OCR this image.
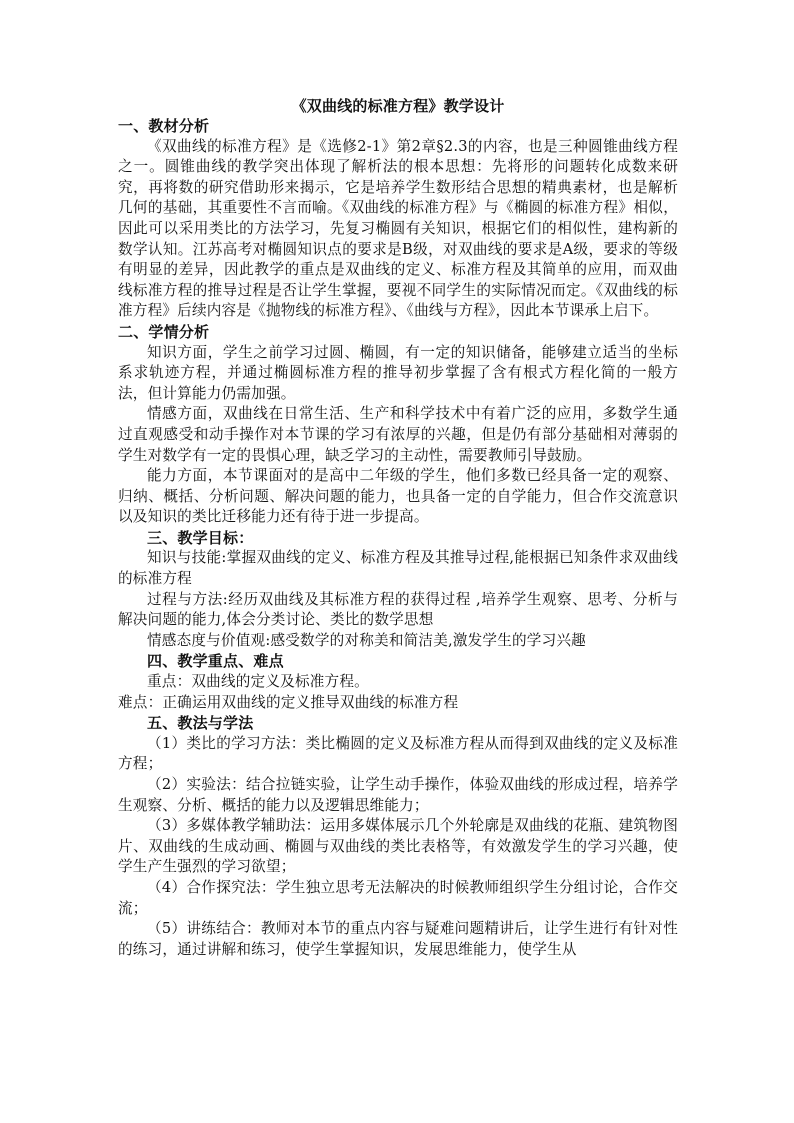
《双曲线的标准方程》教学设计
一、教材分析

《双曲线的标准方程》是《选修2-1》第2章§2.3的内容，也是三种圆锥曲线方程之一。圆锥曲线的教学突出体现了解析法的根本思想：先将形的问题转化成数来研究，再将数的研究借助形来揭示，它是培养学生数形结合思想的精典素材，也是解析几何的基础，其重要性不言而喻。《双曲线的标准方程》与《椭圆的标准方程》相似，因此可以采用类比的方法学习，先复习椭圆有关知识，根据它们的相似性，建构新的数学认知。江苏高考对椭圆知识点的要求是B级，对双曲线的要求是A级，要求的等级有明显的差异，因此教学的重点是双曲线的定义、标准方程及其简单的应用，而双曲线标准方程的推导过程是否让学生掌握，要视不同学生的实际情况而定。《双曲线的标准方程》后续内容是《抛物线的标准方程》、《曲线与方程》，因此本节课承上启下。

二、学情分析

知识方面，学生之前学习过圆、椭圆，有一定的知识储备，能够建立适当的坐标系求轨迹方程，并通过椭圆标准方程的推导初步掌握了含有根式方程化简的一般方法，但计算能力仍需加强。

情感方面，双曲线在日常生活、生产和科学技术中有着广泛的应用，多数学生通过直观感受和动手操作对本节课的学习有浓厚的兴趣，但是仍有部分基础相对薄弱的学生对数学有一定的畏惧心理，缺乏学习的主动性，需要教师引导鼓励。

能力方面，本节课面对的是高中二年级的学生，他们多数已经具备一定的观察、归纳、概括、分析问题、解决问题的能力，也具备一定的自学能力，但合作交流意识以及知识的类比迁移能力还有待于进一步提高。

三、教学目标：

知识与技能:掌握双曲线的定义、标准方程及其推导过程,能根据已知条件求双曲线的标准方程

过程与方法:经历双曲线及其标准方程的获得过程 ,培养学生观察、思考、分析与解决问题的能力,体会分类讨论、类比的数学思想

情感态度与价值观:感受数学的对称美和简洁美,激发学生的学习兴趣

四、教学重点、难点

重点：双曲线的定义及标准方程。

难点：正确运用双曲线的定义推导双曲线的标准方程

五、教法与学法

（1）类比的学习方法：类比椭圆的定义及标准方程从而得到双曲线的定义及标准方程；

（2）实验法：结合拉链实验，让学生动手操作，体验双曲线的形成过程，培养学生观察、分析、概括的能力以及逻辑思维能力；

（3）多媒体教学辅助法：运用多媒体展示几个外轮廓是双曲线的花瓶、建筑物图片、双曲线的生成动画、椭圆与双曲线的类比表格等，有效激发学生的学习兴趣，使学生产生强烈的学习欲望；

（4）合作探究法：学生独立思考无法解决的时候教师组织学生分组讨论，合作交流；

（5）讲练结合：教师对本节的重点内容与疑难问题精讲后，让学生进行有针对性的练习，通过讲解和练习，使学生掌握知识，发展思维能力，使学生从
